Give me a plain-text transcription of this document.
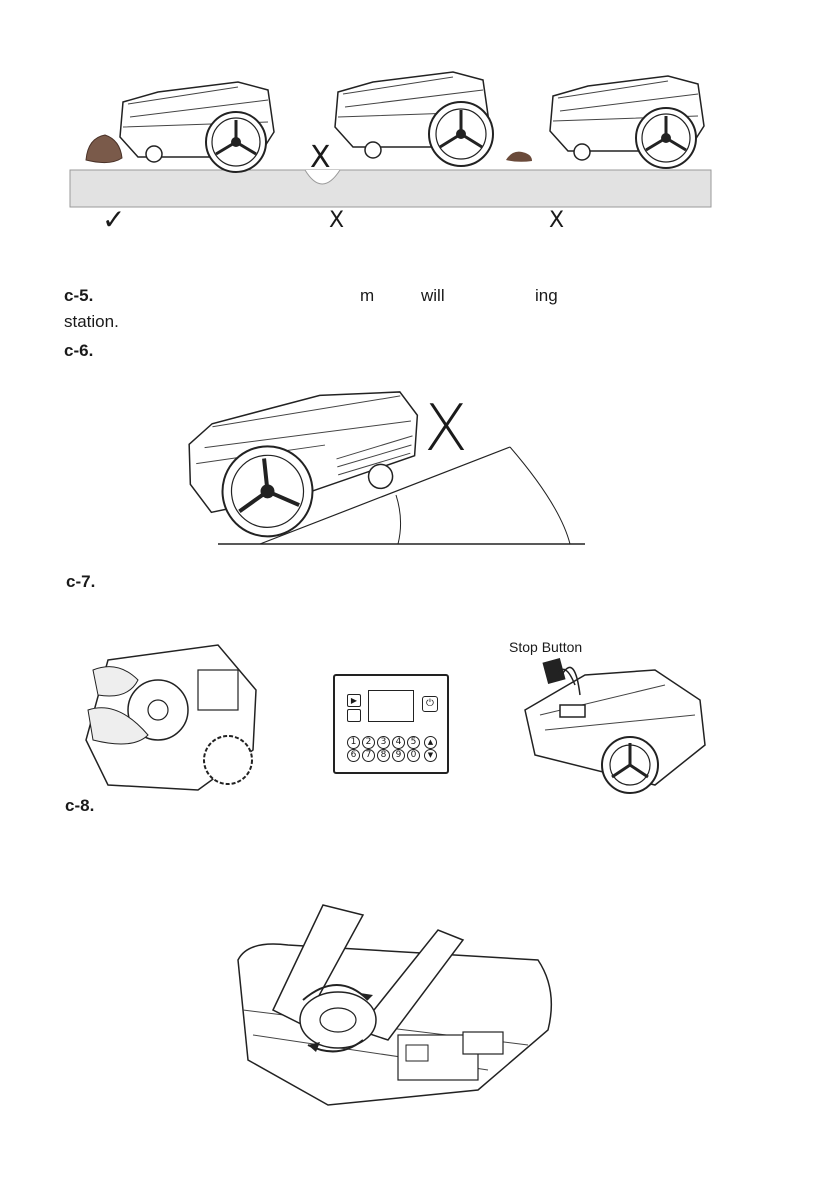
✓	X	X
X
c-5.	m	will	ing
station.
c-6.
X
c-7.
▶	⏻
1	2	3	4	5
6	7	8	9	0
▲
▼
Stop Button
c-8.
